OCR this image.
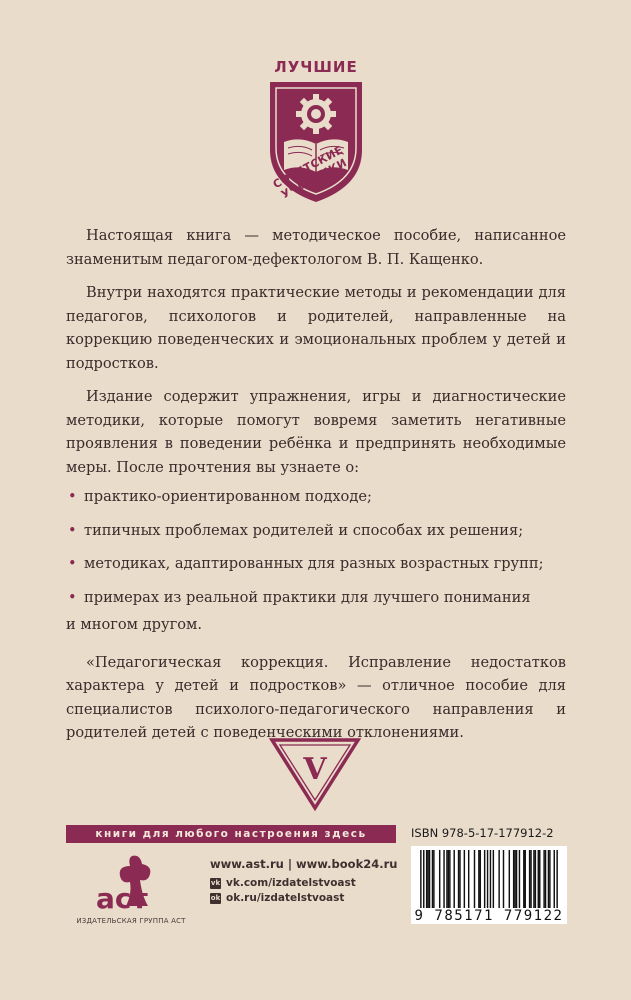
ЛУЧШИЕ
СОВЕТСКИЕ УЧЕБНИКИ

Настоящая книга — методическое пособие, написанное знаменитым педагогом-дефектологом В. П. Кащенко.

Внутри находятся практические методы и рекомендации для педагогов, психологов и родителей, направленные на коррекцию поведенческих и эмоциональных проблем у детей и подростков.

Издание содержит упражнения, игры и диагностические методики, которые помогут вовремя заметить негативные проявления в поведении ребёнка и предпринять необходимые меры. После прочтения вы узнаете о:

• практико-ориентированном подходе;
• типичных проблемах родителей и способах их решения;
• методиках, адаптированных для разных возрастных групп;
• примерах из реальной практики для лучшего понимания

и многом другом.

«Педагогическая коррекция. Исправление недостатков характера у детей и подростков» — отличное пособие для специалистов психолого-педагогического направления и родителей детей с поведенческими отклонениями.

V
книги для любого настроения здесь
аст
ИЗДАТЕЛЬСКАЯ ГРУППА АСТ
www.ast.ru | www.book24.ru
vk vk.com/izdatelstvoast
ok ok.ru/izdatelstvoast
ISBN 978-5-17-177912-2
9 785171 779122
